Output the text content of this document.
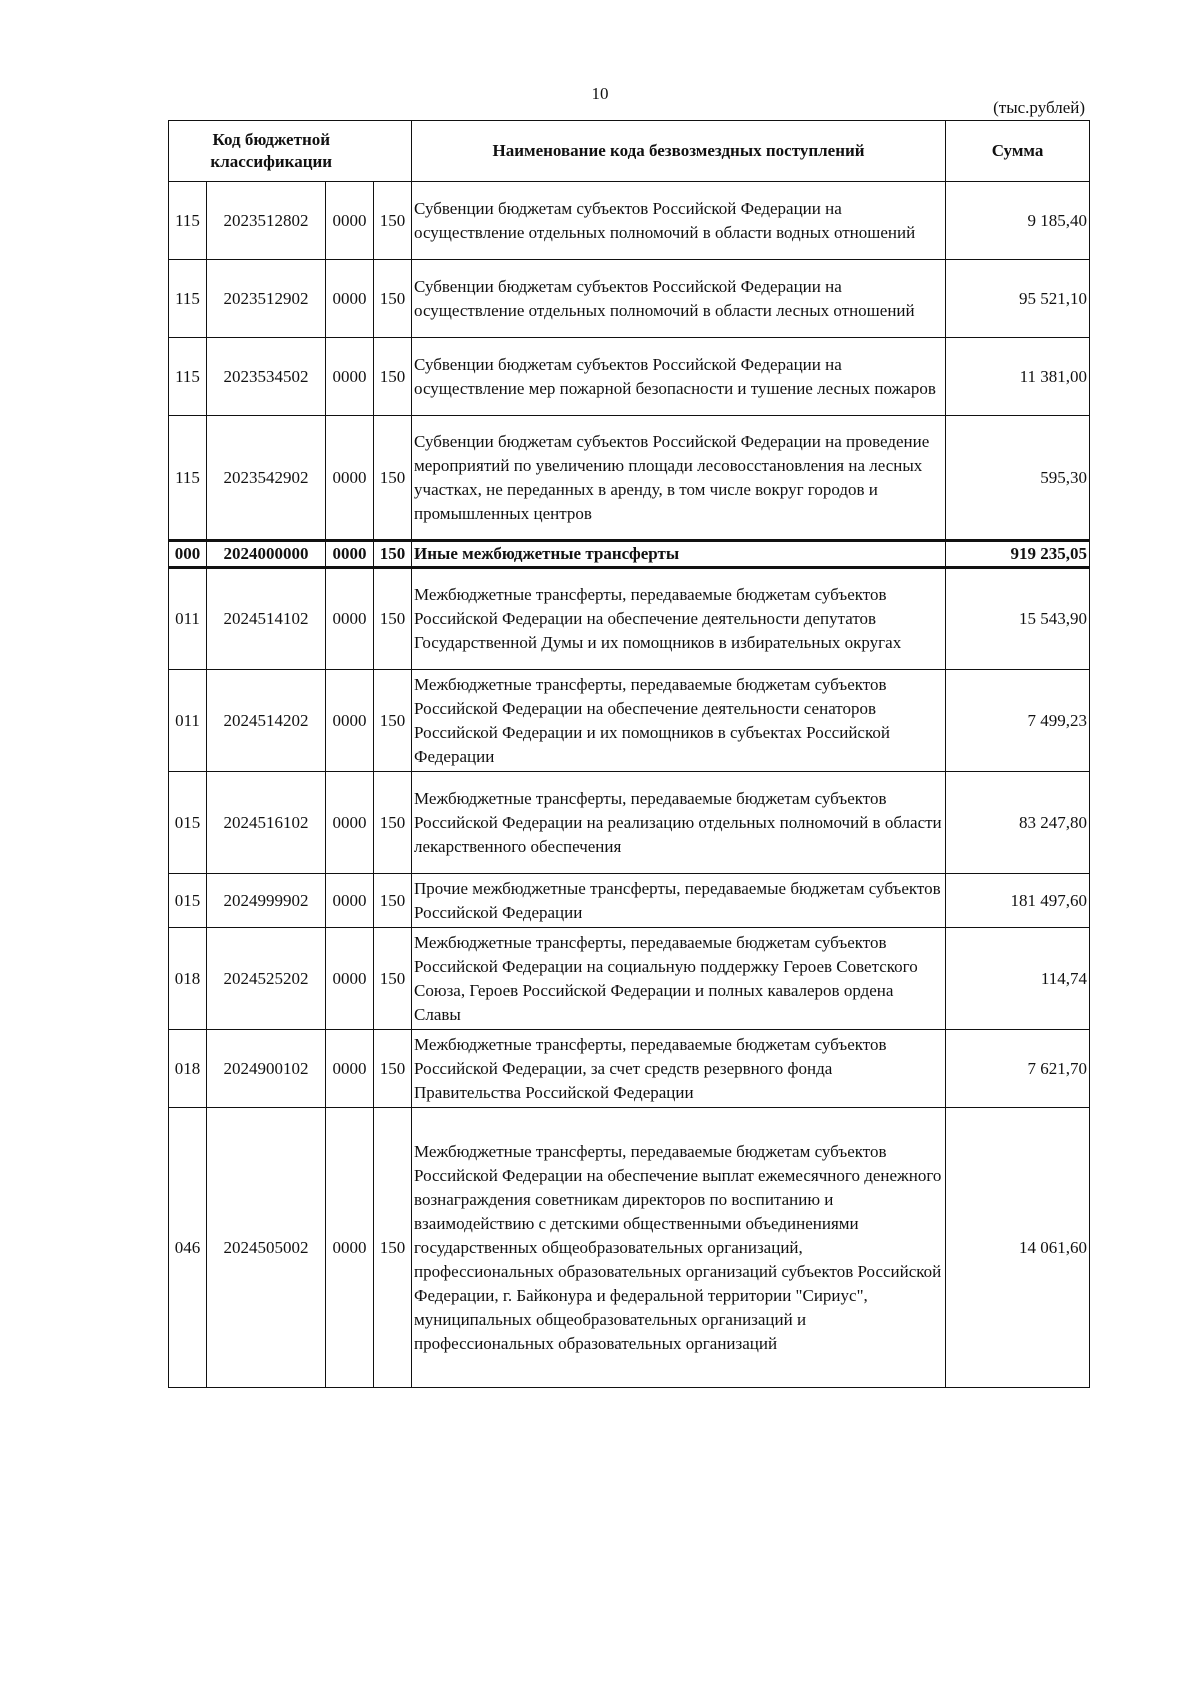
10
(тыс.рублей)
Код бюджетной классификации				Наименование кода безвозмездных поступлений	Сумма
115	2023512802	0000	150	Субвенции бюджетам субъектов Российской Федерации на осуществление отдельных полномочий в области водных отношений	9 185,40
115	2023512902	0000	150	Субвенции бюджетам субъектов Российской Федерации на осуществление отдельных полномочий в области лесных отношений	95 521,10
115	2023534502	0000	150	Субвенции бюджетам субъектов Российской Федерации на осуществление мер пожарной безопасности и тушение лесных пожаров	11 381,00
115	2023542902	0000	150	Субвенции бюджетам субъектов Российской Федерации на проведение мероприятий по увеличению площади лесовосстановления на лесных участках, не переданных в аренду, в том числе вокруг городов и промышленных центров	595,30
000	2024000000	0000	150	Иные межбюджетные трансферты	919 235,05
011	2024514102	0000	150	Межбюджетные трансферты, передаваемые бюджетам субъектов Российской Федерации на обеспечение деятельности депутатов Государственной Думы и их помощников в избирательных округах	15 543,90
011	2024514202	0000	150	Межбюджетные трансферты, передаваемые бюджетам субъектов Российской Федерации на обеспечение деятельности сенаторов Российской Федерации и их помощников в субъектах Российской Федерации	7 499,23
015	2024516102	0000	150	Межбюджетные трансферты, передаваемые бюджетам субъектов Российской Федерации на реализацию отдельных полномочий в области лекарственного обеспечения	83 247,80
015	2024999902	0000	150	Прочие межбюджетные трансферты, передаваемые бюджетам субъектов Российской Федерации	181 497,60
018	2024525202	0000	150	Межбюджетные трансферты, передаваемые бюджетам субъектов Российской Федерации на социальную поддержку Героев Советского Союза, Героев Российской Федерации и полных кавалеров ордена Славы	114,74
018	2024900102	0000	150	Межбюджетные трансферты, передаваемые бюджетам субъектов Российской Федерации, за счет средств резервного фонда Правительства Российской Федерации	7 621,70
046	2024505002	0000	150	Межбюджетные трансферты, передаваемые бюджетам субъектов Российской Федерации на обеспечение выплат ежемесячного денежного вознаграждения советникам директоров по воспитанию и взаимодействию с детскими общественными объединениями государственных общеобразовательных организаций, профессиональных образовательных организаций субъектов Российской Федерации, г. Байконура и федеральной территории "Сириус", муниципальных общеобразовательных организаций и профессиональных образовательных организаций	14 061,60
